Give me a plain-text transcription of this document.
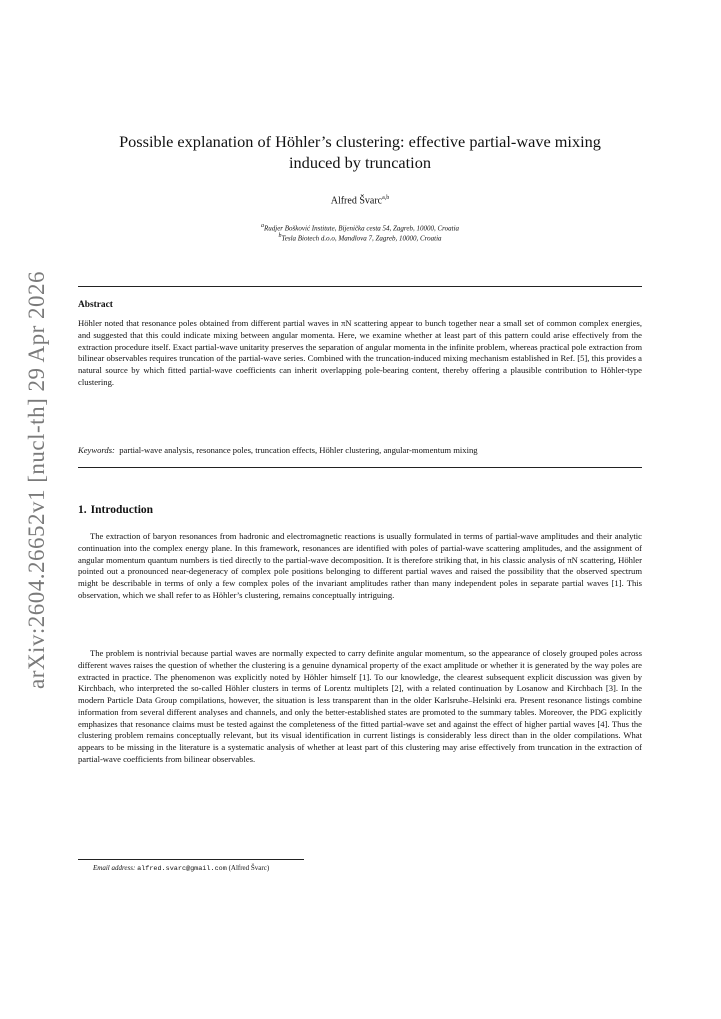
arXiv:2604.26652v1 [nucl-th] 29 Apr 2026
Possible explanation of Höhler’s clustering: effective partial-wave mixing
induced by truncation
Alfred Švarc$^{a,b}$
$^a$Rudjer Bošković Institute, Bijenička cesta 54, Zagreb, 10000, Croatia
$^b$Tesla Biotech d.o.o, Mandlova 7, Zagreb, 10000, Croatia
Abstract
Höhler noted that resonance poles obtained from different partial waves in πN scattering appear to bunch together near a small set of common complex energies, and suggested that this could indicate mixing between angular momenta. Here, we examine whether at least part of this pattern could arise effectively from the extraction procedure itself. Exact partial-wave unitarity preserves the separation of angular momenta in the infinite problem, whereas practical pole extraction from bilinear observables requires truncation of the partial-wave series. Combined with the truncation-induced mixing mechanism established in Ref. [5], this provides a natural source by which fitted partial-wave coefficients can inherit overlapping pole-bearing content, thereby offering a plausible contribution to Höhler-type clustering.
Keywords: partial-wave analysis, resonance poles, truncation effects, Höhler clustering, angular-momentum mixing
1. Introduction
The extraction of baryon resonances from hadronic and electromagnetic reactions is usually formulated in terms of partial-wave amplitudes and their analytic continuation into the complex energy plane. In this framework, resonances are identified with poles of partial-wave scattering amplitudes, and the assignment of angular momentum quantum numbers is tied directly to the partial-wave decomposition. It is therefore striking that, in his classic analysis of πN scattering, Höhler pointed out a pronounced near-degeneracy of complex pole positions belonging to different partial waves and raised the possibility that the observed spectrum might be describable in terms of only a few complex poles of the invariant amplitudes rather than many independent poles in separate partial waves [1]. This observation, which we shall refer to as Höhler’s clustering, remains conceptually intriguing.
The problem is nontrivial because partial waves are normally expected to carry definite angular momentum, so the appearance of closely grouped poles across different waves raises the question of whether the clustering is a genuine dynamical property of the exact amplitude or whether it is generated by the way poles are extracted in practice. The phenomenon was explicitly noted by Höhler himself [1]. To our knowledge, the clearest subsequent explicit discussion was given by Kirchbach, who interpreted the so-called Höhler clusters in terms of Lorentz multiplets [2], with a related continuation by Losanow and Kirchbach [3]. In the modern Particle Data Group compilations, however, the situation is less transparent than in the older Karlsruhe–Helsinki era. Present resonance listings combine information from several different analyses and channels, and only the better-established states are promoted to the summary tables. Moreover, the PDG explicitly emphasizes that resonance claims must be tested against the completeness of the fitted partial-wave set and against the effect of higher partial waves [4]. Thus the clustering problem remains conceptually relevant, but its visual identification in current listings is considerably less direct than in the older compilations. What appears to be missing in the literature is a systematic analysis of whether at least part of this clustering may arise effectively from truncation in the extraction of partial-wave coefficients from bilinear observables.
Email address: alfred.svarc@gmail.com (Alfred Švarc)
